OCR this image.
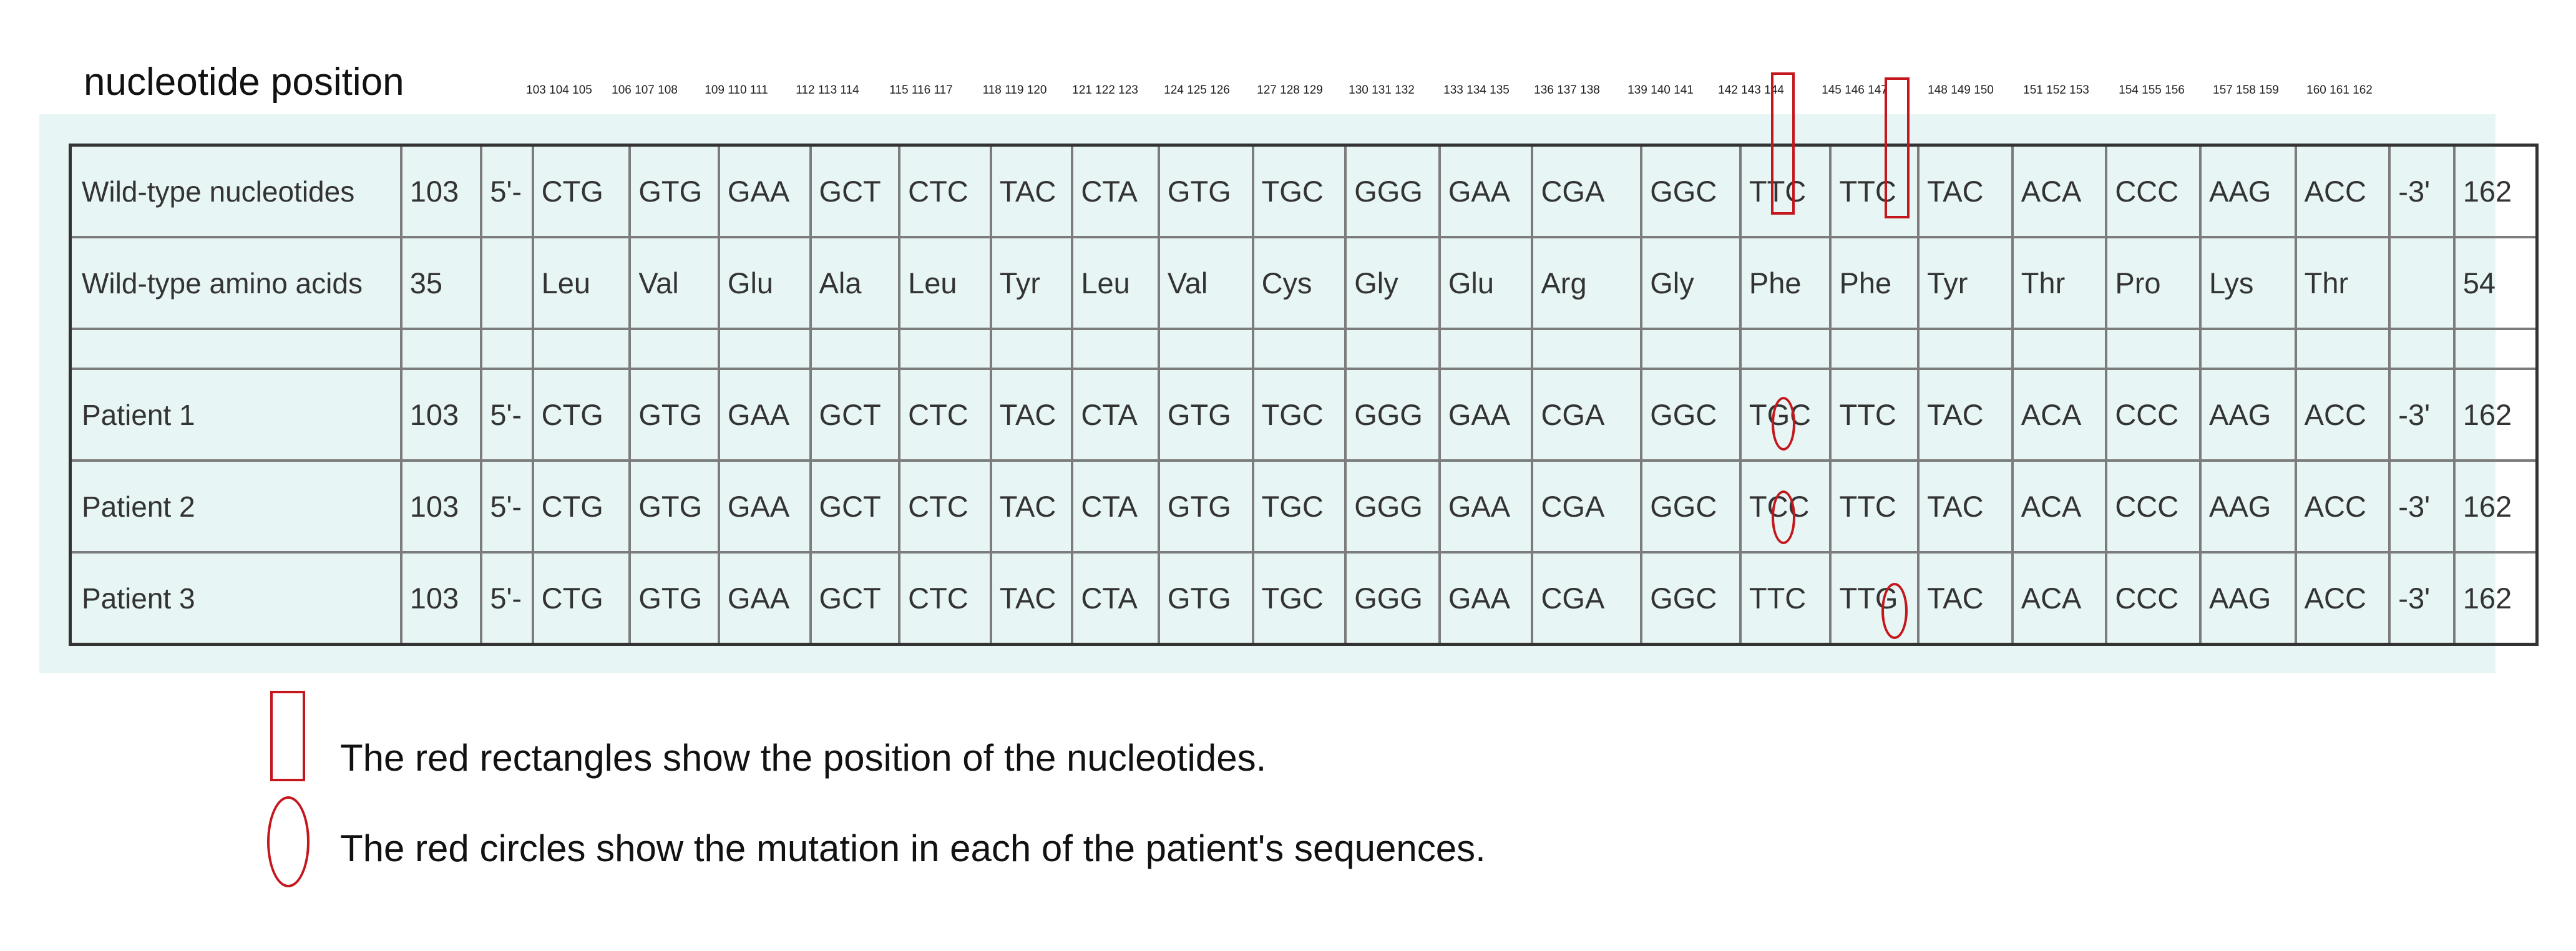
nucleotide position	103 104 105 106 107 108 109 110 111 112 113 114	115 116 117	118 119 120 121 122 123 124 125 126 127 128 129 130 131 132 133 134 135 136 137 138 139 140 141 142 143 144	145 146 147	148 149 150 151 152 153 154 155 156 157 158 159 160 161 162
Wild-type nucleotides	103	5'-	CTG	GTG	GAA	GCT	CTC	TAC	CTA	GTG	TGC	GGG	GAA	CGA	GGC	TTC	TTC	TAC	ACA	CCC	AAG	ACC	-3'	162
Wild-type amino acids	35		Leu	Val	Glu	Ala	Leu	Tyr	Leu	Val	Cys	Gly	Glu	Arg	Gly	Phe	Phe	Tyr	Thr	Pro	Lys	Thr		54

Patient 1	103	5'-	CTG	GTG	GAA	GCT	CTC	TAC	CTA	GTG	TGC	GGG	GAA	CGA	GGC	TGC	TTC	TAC	ACA	CCC	AAG	ACC	-3'	162
Patient 2	103	5'-	CTG	GTG	GAA	GCT	CTC	TAC	CTA	GTG	TGC	GGG	GAA	CGA	GGC	TCC	TTC	TAC	ACA	CCC	AAG	ACC	-3'	162
Patient 3	103	5'-	CTG	GTG	GAA	GCT	CTC	TAC	CTA	GTG	TGC	GGG	GAA	CGA	GGC	TTC	TTG	TAC	ACA	CCC	AAG	ACC	-3'	162
The red rectangles show the position of the nucleotides.
The red circles show the mutation in each of the patient's sequences.
